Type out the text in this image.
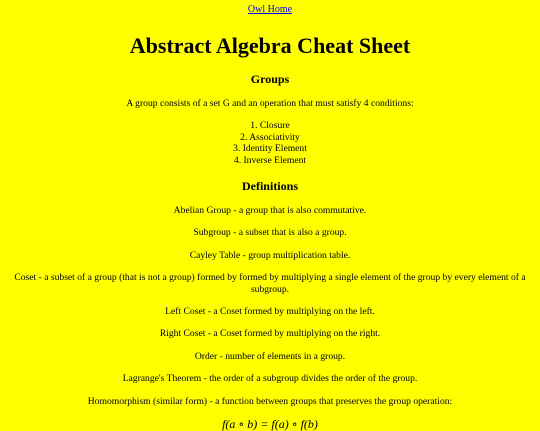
Owl Home
Abstract Algebra Cheat Sheet
Groups

A group consists of a set G and an operation that must satisfy 4 conditions:

1. Closure
2. Associativity
3. Identity Element
4. Inverse Element
Definitions

Abelian Group - a group that is also commutative.

Subgroup - a subset that is also a group.

Cayley Table - group multiplication table.

Coset - a subset of a group (that is not a group) formed by formed by multiplying a single element of the group by every element of a subgroup.

Left Coset - a Coset formed by multiplying on the left.

Right Coset - a Coset formed by multiplying on the right.

Order - number of elements in a group.

Lagrange's Theorem - the order of a subgroup divides the order of the group.

Homomorphism (similar form) - a function between groups that preserves the group operation:

f(a ∘ b) = f(a) ∘ f(b)
